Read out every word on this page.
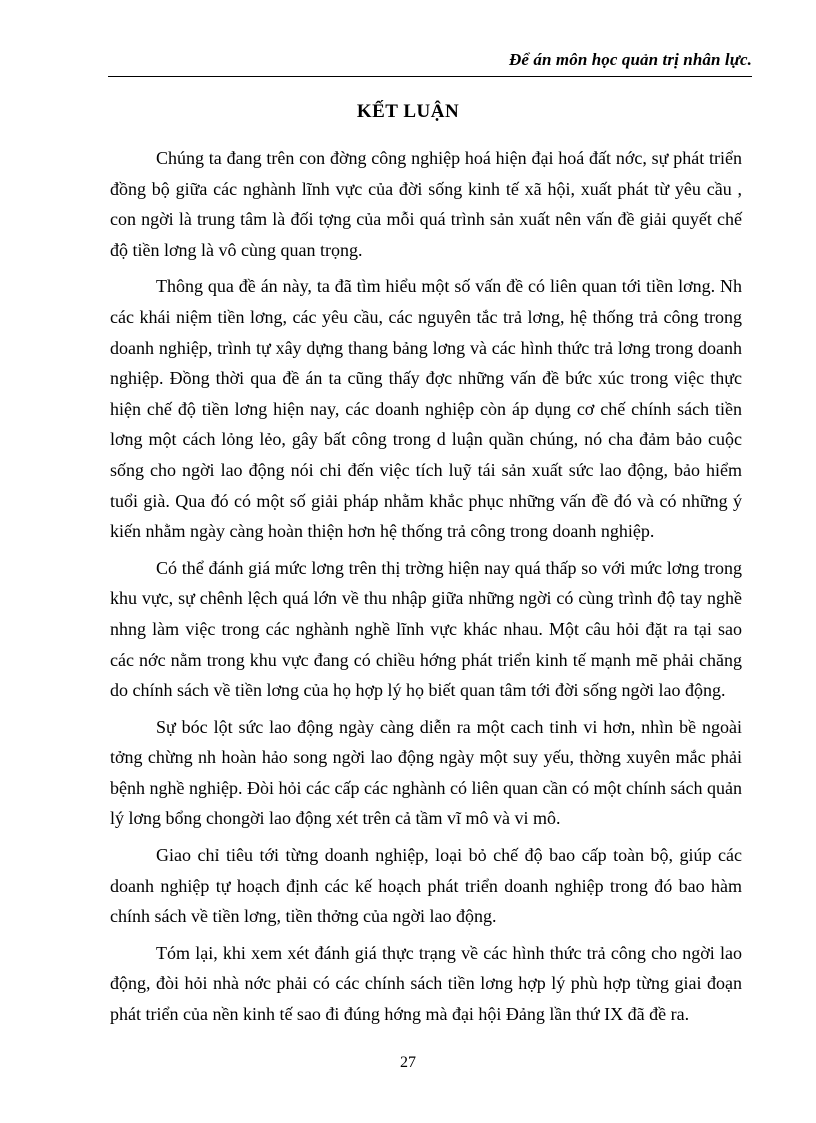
Để án môn học quản trị nhân lực.
KẾT LUẬN

Chúng ta đang trên con đờng công nghiệp hoá hiện đại hoá đất nớc, sự phát triển đồng bộ giữa các nghành lĩnh vực của đời sống kinh tế xã hội, xuất phát từ yêu cầu , con ngời là trung tâm là đối tợng của mỗi quá trình sản xuất nên vấn đề giải quyết chế độ tiền lơng là vô cùng quan trọng.

Thông qua đề án này, ta đã tìm hiểu một số vấn đề có liên quan tới tiền lơng. Nh các khái niệm tiền lơng, các yêu cầu, các nguyên tắc trả lơng, hệ thống trả công trong doanh nghiệp, trình tự xây dựng thang bảng lơng và các hình thức trả lơng trong doanh nghiệp. Đồng thời qua đề án ta cũng thấy đợc những vấn đề bức xúc trong việc thực hiện chế độ tiền lơng hiện nay, các doanh nghiệp còn áp dụng cơ chế chính sách tiền lơng một cách lỏng lẻo, gây bất công trong d luận quần chúng, nó cha đảm bảo cuộc sống cho ngời lao động nói chi đến việc tích luỹ tái sản xuất sức lao động, bảo hiểm tuổi già. Qua đó có một số giải pháp nhằm khắc phục những vấn đề đó và có những ý kiến nhằm ngày càng hoàn thiện hơn hệ thống trả công trong doanh nghiệp.

Có thể đánh giá mức lơng trên thị trờng hiện nay quá thấp so với mức lơng trong khu vực, sự chênh lệch quá lớn về thu nhập giữa những ngời có cùng trình độ tay nghề nhng làm việc trong các nghành nghề lĩnh vực khác nhau. Một câu hỏi đặt ra tại sao các nớc nằm trong khu vực đang có chiều hớng phát triển kinh tế mạnh mẽ phải chăng do chính sách về tiền lơng của họ hợp lý họ biết quan tâm tới đời sống ngời lao động.

Sự bóc lột sức lao động ngày càng diễn ra một cach tinh vi hơn, nhìn bề ngoài tởng chừng nh hoàn hảo song ngời lao động ngày một suy yếu, thờng xuyên mắc phải bệnh nghề nghiệp. Đòi hỏi các cấp các nghành có liên quan cần có một chính sách quản lý lơng bổng chongời lao động xét trên cả tầm vĩ mô và vi mô.

Giao chỉ tiêu tới từng doanh nghiệp, loại bỏ chế độ bao cấp toàn bộ, giúp các doanh nghiệp tự hoạch định các kế hoạch phát triển doanh nghiệp trong đó bao hàm chính sách về tiền lơng, tiền thởng của ngời lao động.

Tóm lại, khi xem xét đánh giá thực trạng về các hình thức trả công cho ngời lao động, đòi hỏi nhà nớc phải có các chính sách tiền lơng hợp lý phù hợp từng giai đoạn phát triển của nền kinh tế sao đi đúng hớng mà đại hội Đảng lần thứ IX đã đề ra.

27
